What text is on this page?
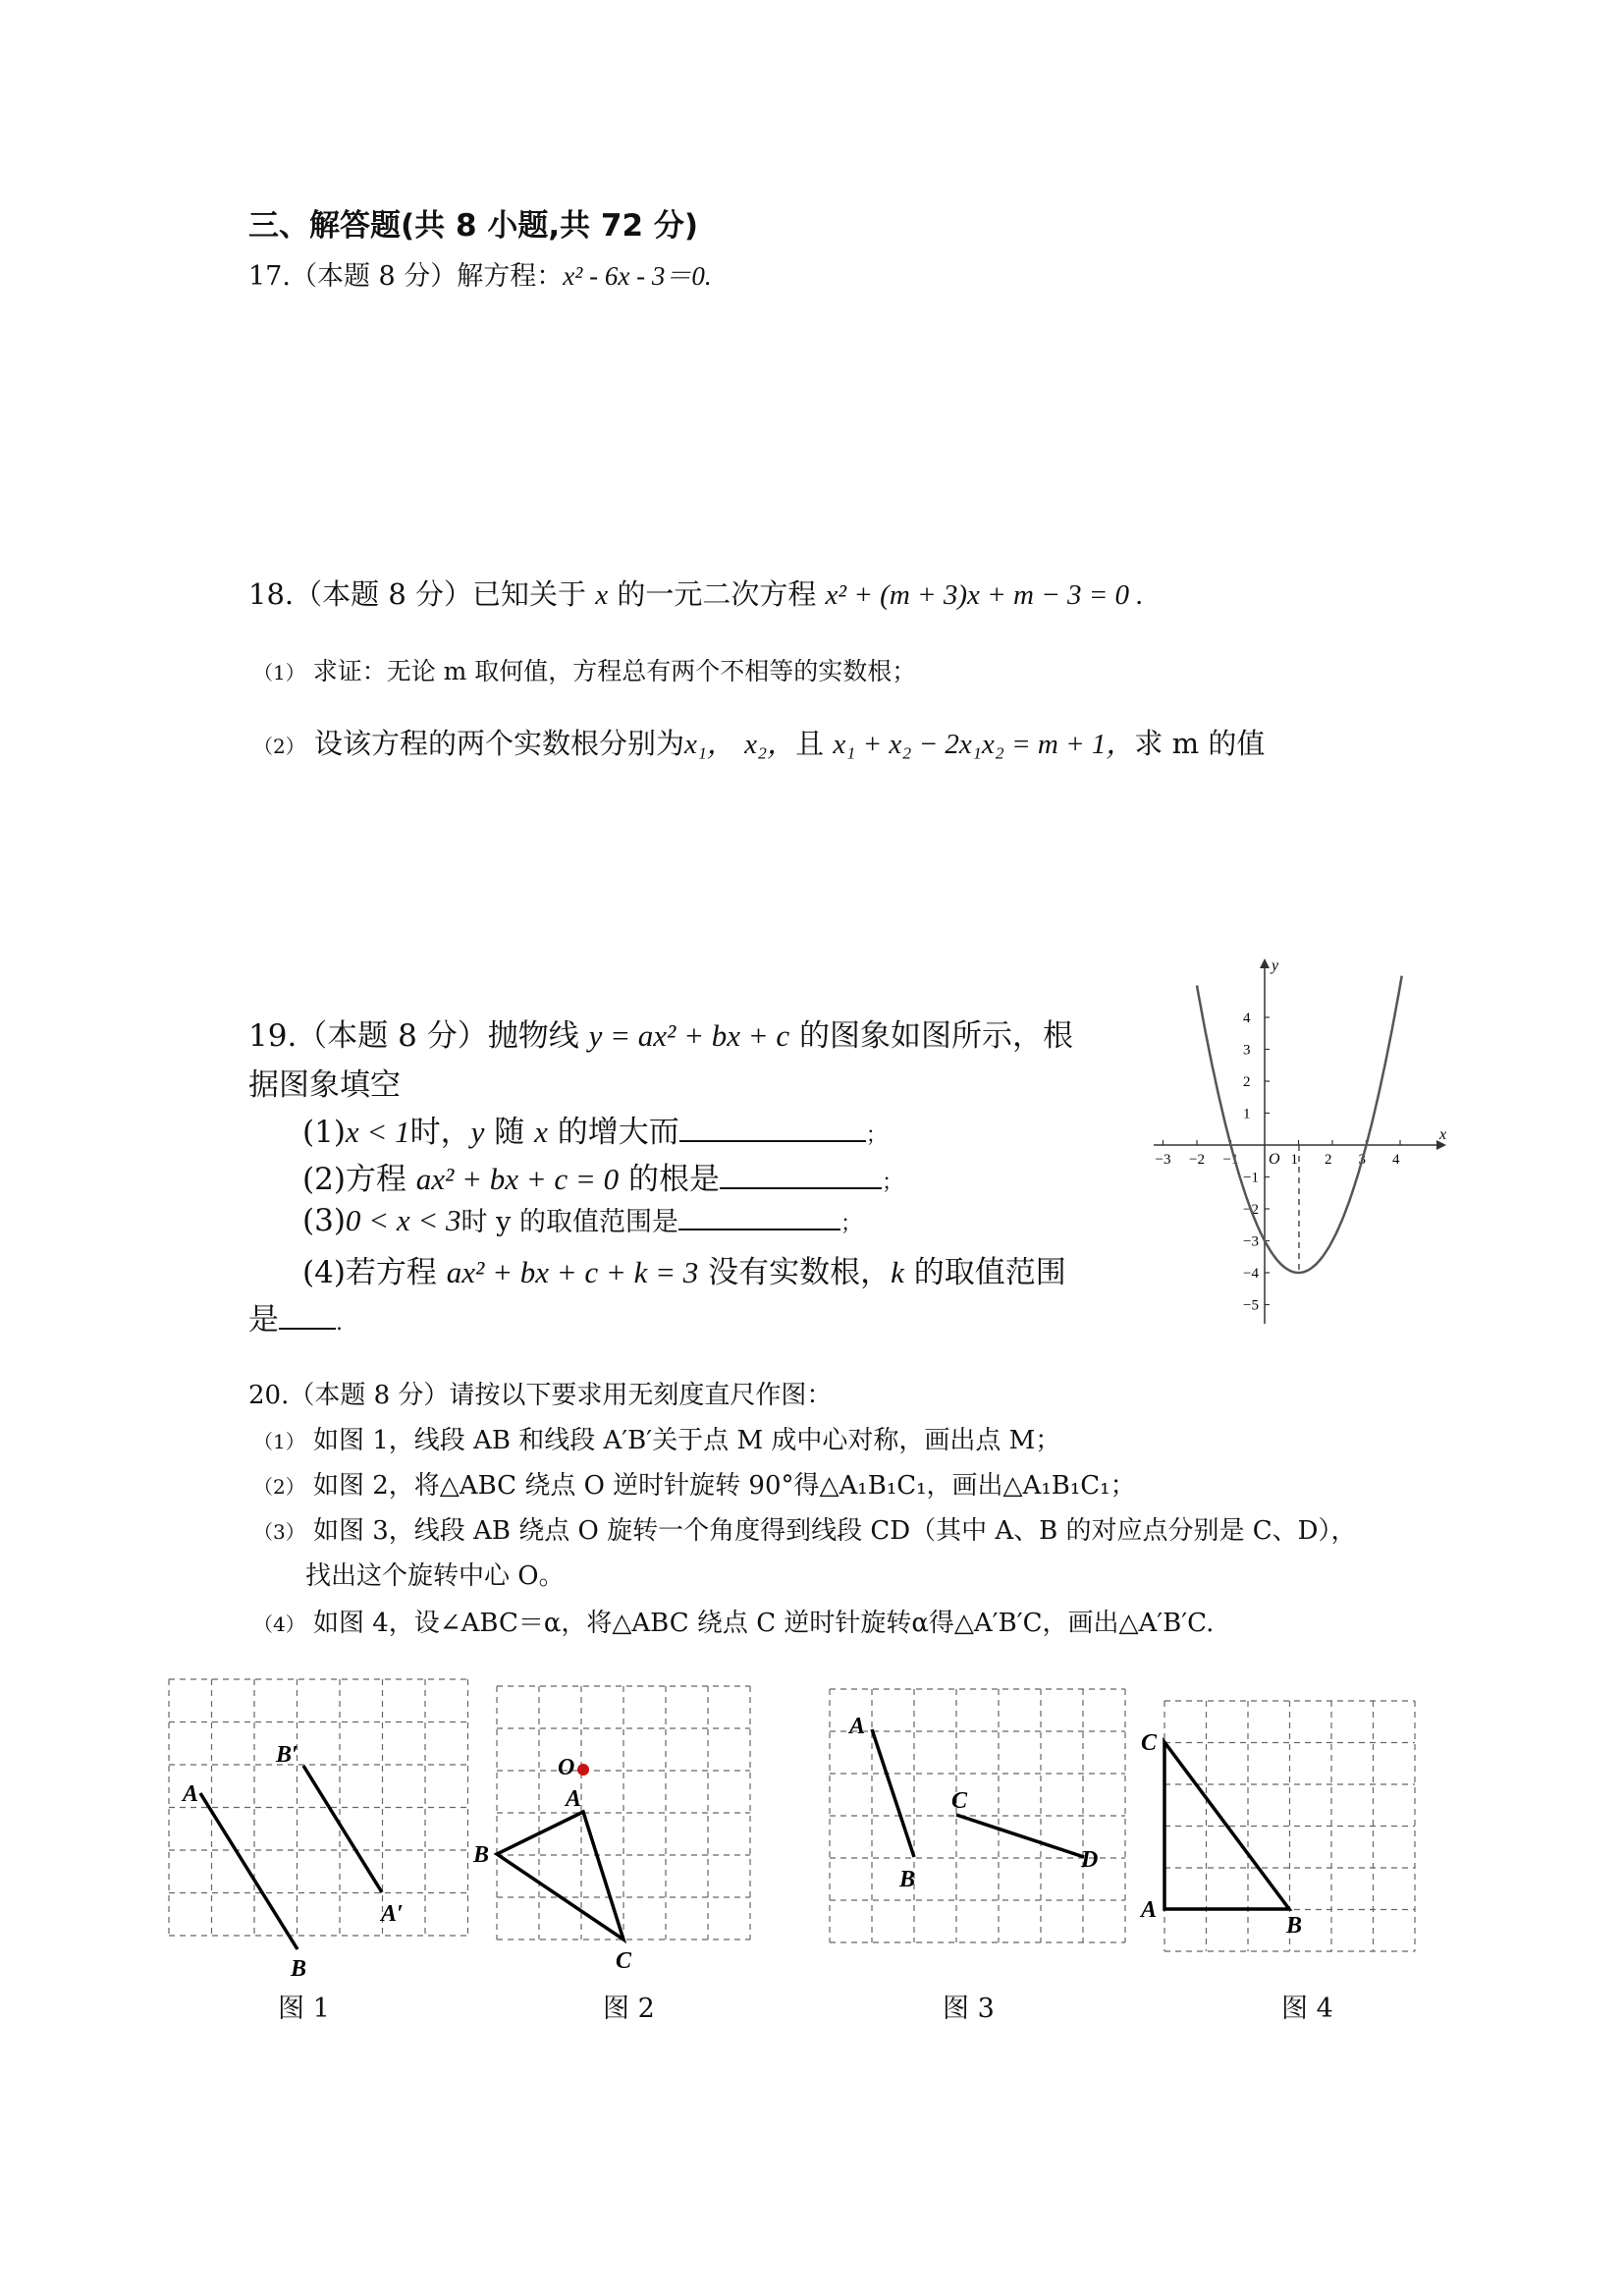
三、解答题(共 8 小题,共 72 分)
17.（本题 8 分）解方程：x² - 6x - 3＝0.
18.（本题 8 分）已知关于 x 的一元二次方程 x² + (m + 3)x + m − 3 = 0 .
（1） 求证：无论 m 取何值，方程总有两个不相等的实数根；
（2） 设该方程的两个实数根分别为x₁， x₂，且 x₁ + x₂ − 2x₁x₂ = m + 1，求 m 的值
19.（本题 8 分）抛物线 y = ax² + bx + c 的图象如图所示，根
据图象填空
(1)x < 1时，y 随 x 的增大而	；
(2)方程 ax² + bx + c = 0 的根是	；
(3)0 < x < 3时 y 的取值范围是	；
(4)若方程 ax² + bx + c + k = 3 没有实数根，k 的取值范围
是	.
x
y
O
−3 −2 −1	1 2 3 4
4
3
2
1
−1
−2
−3
−4
−5
20.（本题 8 分）请按以下要求用无刻度直尺作图：
（1） 如图 1，线段 AB 和线段 A′B′关于点 M 成中心对称，画出点 M；
（2） 如图 2，将△ABC 绕点 O 逆时针旋转 90°得△A₁B₁C₁，画出△A₁B₁C₁；
（3） 如图 3，线段 AB 绕点 O 旋转一个角度得到线段 CD（其中 A、B 的对应点分别是 C、D），
找出这个旋转中心 O。
（4） 如图 4，设∠ABC＝α，将△ABC 绕点 C 逆时针旋转α得△A′B′C，画出△A′B′C.
A
B
A′
B′	O
A
B
C
A
B
C
D
C
A
B
图 1	图 2	图 3	图 4
